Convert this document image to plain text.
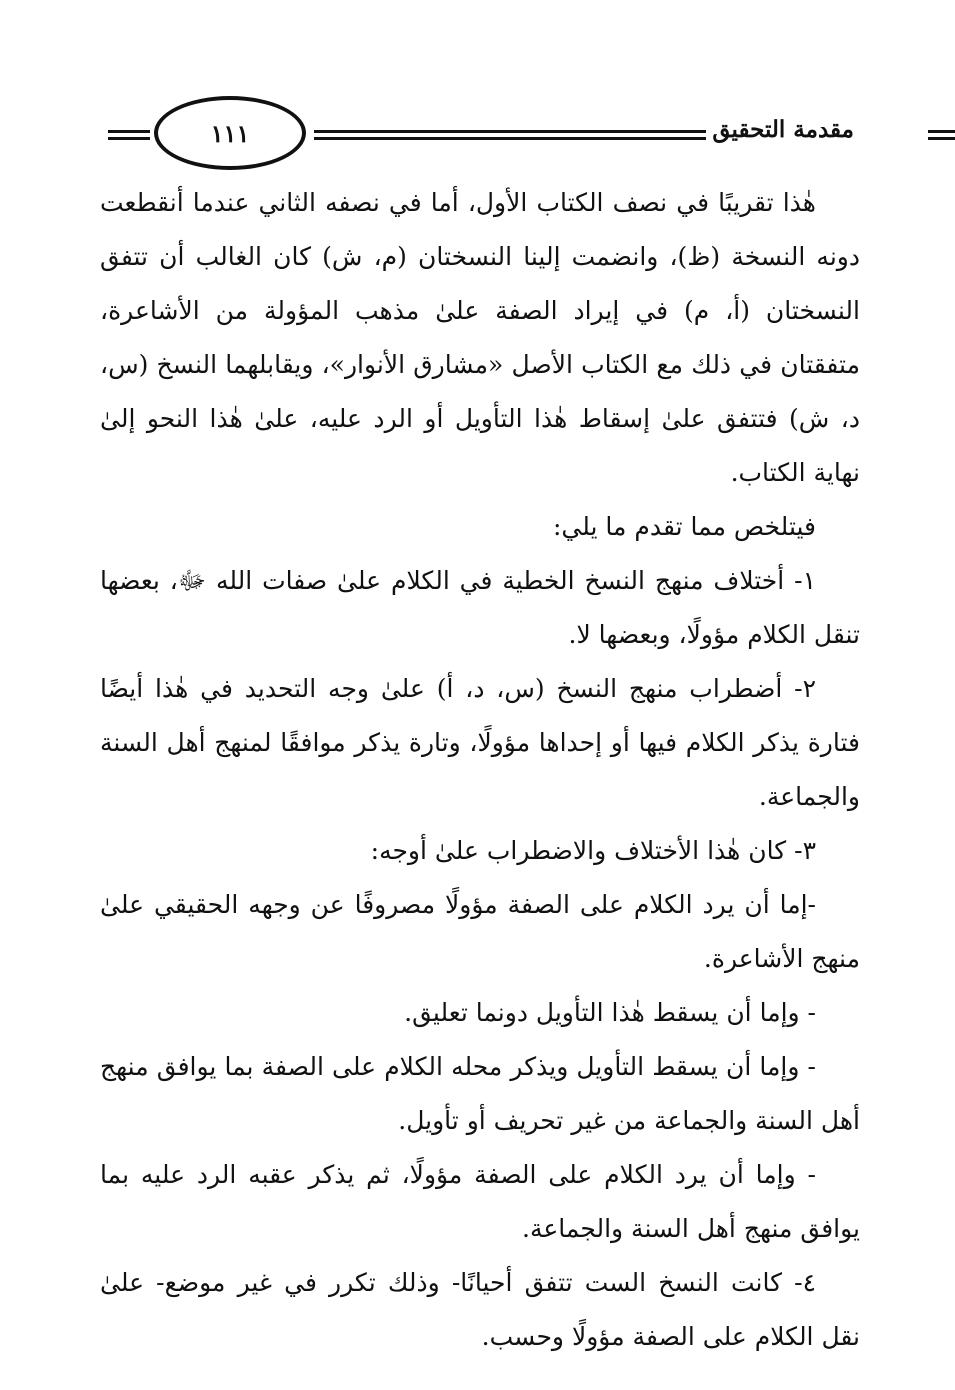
١١١	مقدمة التحقيق

هٰذا تقريبًا في نصف الكتاب الأول، أما في نصفه الثاني عندما أنقطعت دونه النسخة (ظ)، وانضمت إلينا النسختان (م، ش) كان الغالب أن تتفق النسختان (أ، م) في إيراد الصفة علىٰ مذهب المؤولة من الأشاعرة، متفقتان في ذلك مع الكتاب الأصل «مشارق الأنوار»، ويقابلهما النسخ (س، د، ش) فتتفق علىٰ إسقاط هٰذا التأويل أو الرد عليه، علىٰ هٰذا النحو إلىٰ نهاية الكتاب.

فيتلخص مما تقدم ما يلي:

١- أختلاف منهج النسخ الخطية في الكلام علىٰ صفات الله ﷻ، بعضها تنقل الكلام مؤولًا، وبعضها لا.

٢- أضطراب منهج النسخ (س، د، أ) علىٰ وجه التحديد في هٰذا أيضًا فتارة يذكر الكلام فيها أو إحداها مؤولًا، وتارة يذكر موافقًا لمنهج أهل السنة والجماعة.

٣- كان هٰذا الأختلاف والاضطراب علىٰ أوجه:

-إما أن يرد الكلام على الصفة مؤولًا مصروفًا عن وجهه الحقيقي علىٰ منهج الأشاعرة.

- وإما أن يسقط هٰذا التأويل دونما تعليق.

- وإما أن يسقط التأويل ويذكر محله الكلام على الصفة بما يوافق منهج أهل السنة والجماعة من غير تحريف أو تأويل.

- وإما أن يرد الكلام على الصفة مؤولًا، ثم يذكر عقبه الرد عليه بما يوافق منهج أهل السنة والجماعة.

٤- كانت النسخ الست تتفق أحيانًا- وذلك تكرر في غير موضع- علىٰ نقل الكلام على الصفة مؤولًا وحسب.
